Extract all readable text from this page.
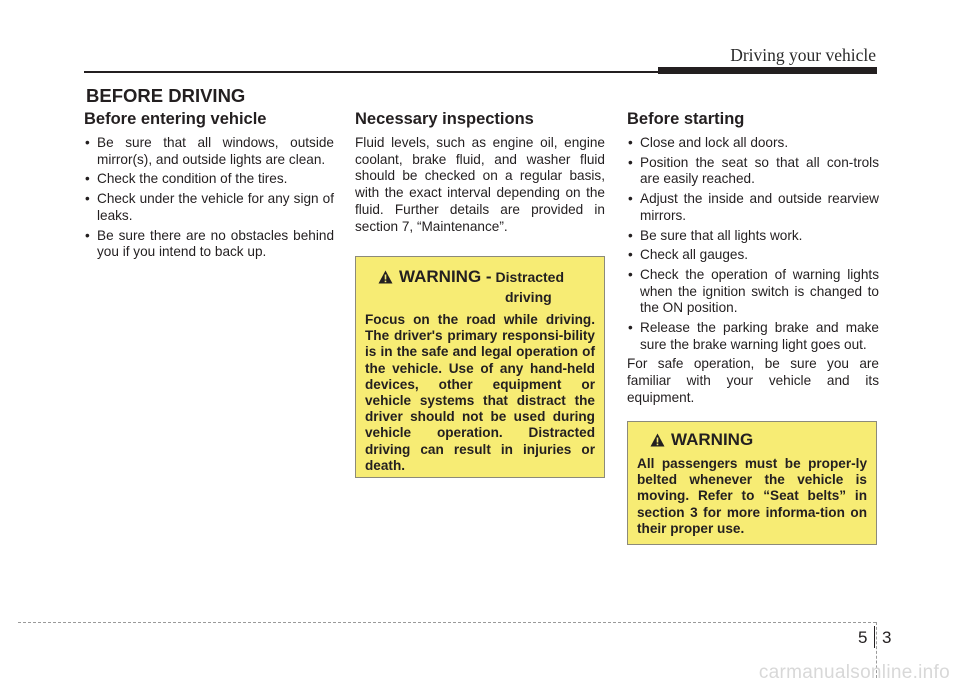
Driving your vehicle
BEFORE DRIVING
Before entering vehicle
• Be sure that all windows, outside mirror(s), and outside lights are clean.
• Check the condition of the tires.
• Check under the vehicle for any sign of leaks.
• Be sure there are no obstacles behind you if you intend to back up.
Necessary inspections

Fluid levels, such as engine oil, engine coolant, brake fluid, and washer fluid should be checked on a regular basis, with the exact interval depending on the fluid. Further details are provided in section 7, “Maintenance”.

WARNING - Distracted
driving

Focus on the road while driving. The driver's primary responsi-bility is in the safe and legal operation of the vehicle. Use of any hand-held devices, other equipment or vehicle systems that distract the driver should not be used during vehicle operation. Distracted driving can result in injuries or death.

Before starting
• Close and lock all doors.
• Position the seat so that all con-trols are easily reached.
• Adjust the inside and outside rearview mirrors.
• Be sure that all lights work.
• Check all gauges.
• Check the operation of warning lights when the ignition switch is changed to the ON position.
• Release the parking brake and make sure the brake warning light goes out.

For safe operation, be sure you are familiar with your vehicle and its equipment.

WARNING

All passengers must be proper-ly belted whenever the vehicle is moving. Refer to “Seat belts” in section 3 for more informa-tion on their proper use.

5 3
carmanualsonline.info
